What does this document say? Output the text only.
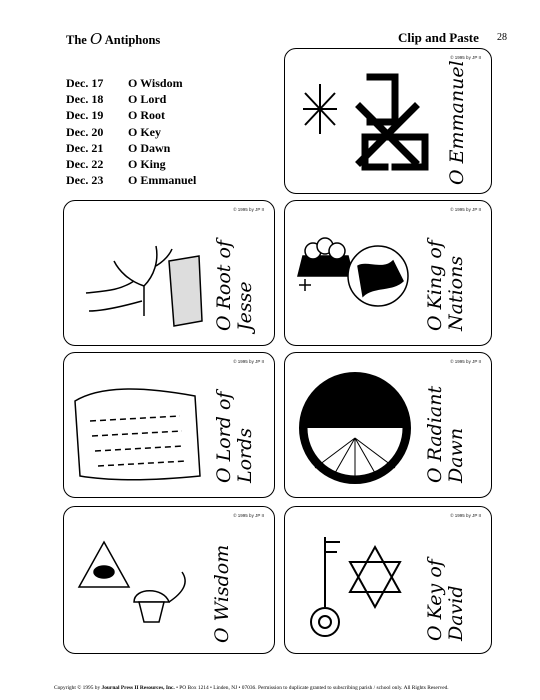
The O Antiphons	Clip and Paste 28
Dec. 17	O Wisdom
Dec. 18	O Lord
Dec. 19	O Root
Dec. 20	O Key
Dec. 21	O Dawn
Dec. 22	O King
Dec. 23	O Emmanuel
© 1995 by JP II
O Emmanuel
© 1995 by JP II
O Root of Jesse
© 1995 by JP II
O King of Nations
© 1995 by JP II
O Lord of Lords
© 1995 by JP II
O Radiant Dawn
© 1995 by JP II
O Wisdom
© 1995 by JP II
O Key of David
Copyright © 1995 by Journal Press II Resources, Inc. • PO Box 1214 • Linden, NJ • 07036. Permission to duplicate granted to subscribing parish / school only. All Rights Reserved.
